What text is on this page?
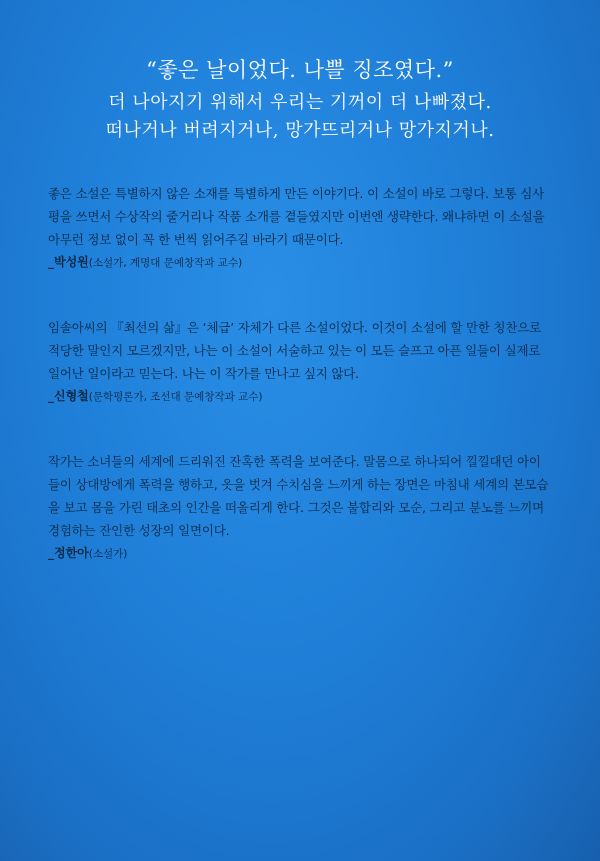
“좋은 날이었다. 나쁠 징조였다.”

더 나아지기 위해서 우리는 기꺼이 더 나빠졌다.

떠나거나 버려지거나, 망가뜨리거나 망가지거나.

좋은 소설은 특별하지 않은 소재를 특별하게 만든 이야기다. 이 소설이 바로 그렇다. 보통 심사평을 쓰면서 수상작의 줄거리나 작품 소개를 곁들였지만 이번엔 생략한다. 왜냐하면 이 소설을 아무런 정보 없이 꼭 한 번씩 읽어주길 바라기 때문이다.

_박성원(소설가, 계명대 문예창작과 교수)

임솔아씨의 『최선의 삶』은 ‘체급’ 자체가 다른 소설이었다. 이것이 소설에 할 만한 칭찬으로 적당한 말인지 모르겠지만, 나는 이 소설이 서술하고 있는 이 모든 슬프고 아픈 일들이 실제로 일어난 일이라고 믿는다. 나는 이 작가를 만나고 싶지 않다.

_신형철(문학평론가, 조선대 문예창작과 교수)

작가는 소녀들의 세계에 드리워진 잔혹한 폭력을 보여준다. 말몸으로 하나되어 낄낄대던 아이들이 상대방에게 폭력을 행하고, 옷을 벗겨 수치심을 느끼게 하는 장면은 마침내 세계의 본모습을 보고 몸을 가린 태초의 인간을 떠올리게 한다. 그것은 불합리와 모순, 그리고 분노를 느끼며 경험하는 잔인한 성장의 일면이다.

_정한아(소설가)
